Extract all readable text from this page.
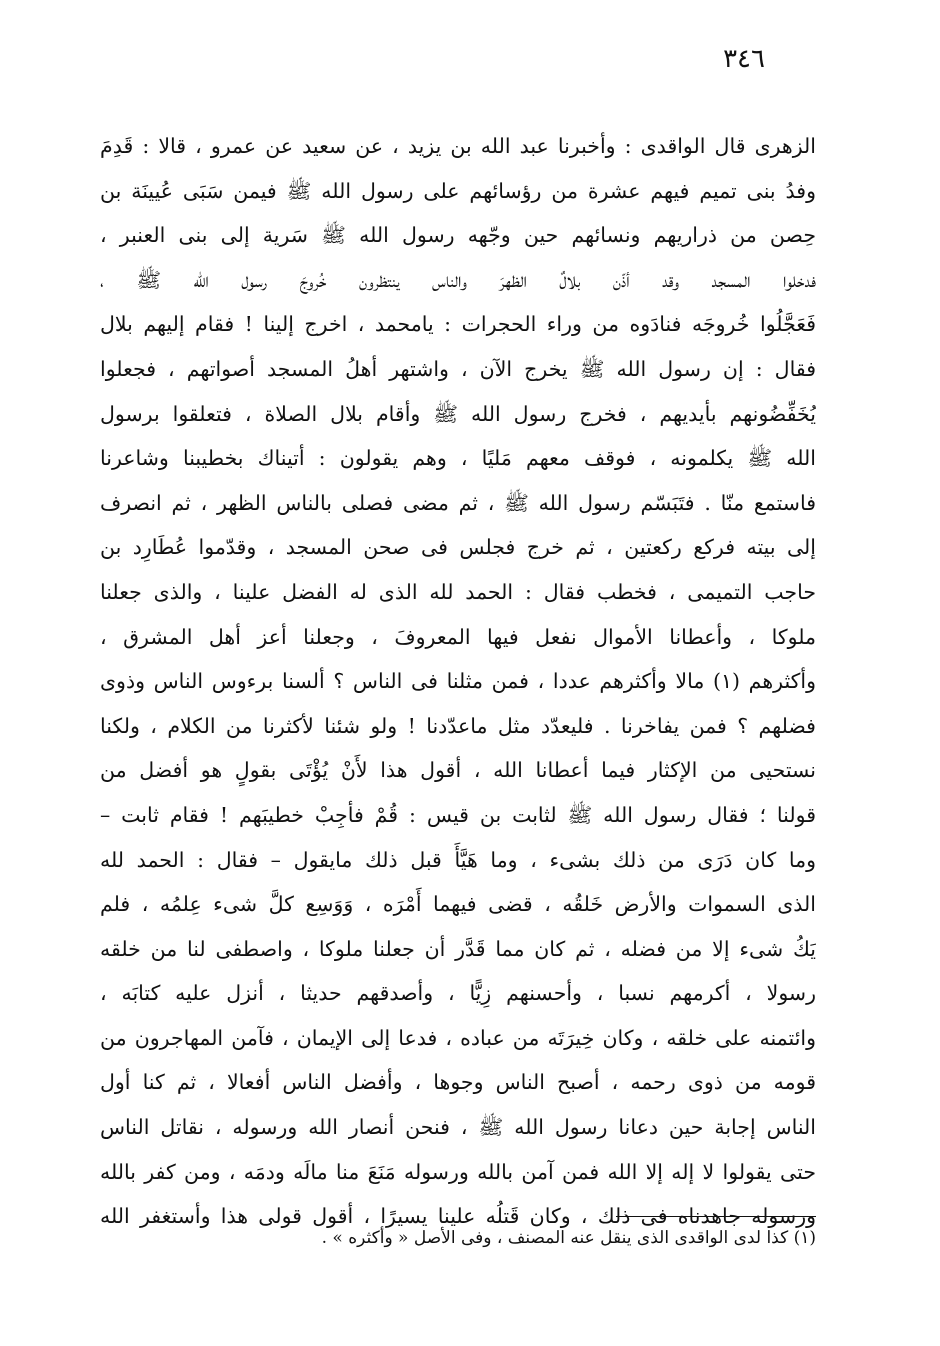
٣٤٦
الزهرى قال الواقدى : وأخبرنا عبد الله بن يزيد ، عن سعيد عن عمرو ، قالا : قَدِمَ
وفدُ بنى تميم فيهم عشرة من رؤسائهم على رسول الله ﷺ فيمن سَبَى عُيينَة بن
حِصن من ذراريهم ونسائهم حين وجّهه رسول الله ﷺ سَرية إلى بنى العنبر ،
فدخلوا المسجد وقد أذّن بلالٌ الظهرَ والناس ينتظرون خُروجَ رسول الله ﷺ ،
فَعَجَّلُوا خُروجَه فنادَوه من وراء الحجرات : يامحمد ، اخرج إلينا ! فقام إليهم بلال
فقال : إن رسول الله ﷺ يخرج الآن ، واشتهر أهلُ المسجد أصواتهم ، فجعلوا
يُخَفِّضُونهم بأيديهم ، فخرج رسول الله ﷺ وأقام بلال الصلاة ، فتعلقوا برسول
الله ﷺ يكلمونه ، فوقف معهم مَليًا ، وهم يقولون : أتيناك بخطيبنا وشاعرنا
فاستمع منّا . فتَبَسّم رسول الله ﷺ ، ثم مضى فصلى بالناس الظهر ، ثم انصرف
إلى بيته فركع ركعتين ، ثم خرج فجلس فى صحن المسجد ، وقدّموا عُطَارِد بن
حاجب التميمى ، فخطب فقال : الحمد لله الذى له الفضل علينا ، والذى جعلنا
ملوكا ، وأعطانا الأموال نفعل فيها المعروفَ ، وجعلنا أعز أهل المشرق ،
وأكثرهم (١) مالا وأكثرهم عددا ، فمن مثلنا فى الناس ؟ ألسنا برءوس الناس وذوى
فضلهم ؟ فمن يفاخرنا . فليعدّد مثل ماعدّدنا ! ولو شئنا لأكثرنا من الكلام ، ولكنا
نستحيى من الإكثار فيما أعطانا الله ، أقول هذا لأَنْ يُؤْتَى بقولٍ هو أفضل من
قولنا ؛ فقال رسول الله ﷺ لثابت بن قيس : قُمْ فأجِبْ خطيبَهم ! فقام ثابت –
وما كان دَرَى من ذلك بشىء ، وما هَيَّأَ قبل ذلك مايقول – فقال : الحمد لله
الذى السموات والأرض خَلقُه ، قضى فيهما أَمْرَه ، وَوَسِع كلَّ شىء عِلمُه ، فلم
يَكُ شىء إلا من فضله ، ثم كان مما قَدَّر أن جعلنا ملوكا ، واصطفى لنا من خلقه
رسولا ، أكرمهم نسبا ، وأحسنهم زِيًّا ، وأصدقهم حديثا ، أنزل عليه كتابَه ،
وائتمنه على خلقه ، وكان خِيرَتَه من عباده ، فدعا إلى الإيمان ، فآمن المهاجرون من
قومه من ذوى رحمه ، أصبح الناس وجوها ، وأفضل الناس أفعالا ، ثم كنا أول
الناس إجابة حين دعانا رسول الله ﷺ ، فنحن أنصار الله ورسوله ، نقاتل الناس
حتى يقولوا لا إله إلا الله فمن آمن بالله ورسوله مَنَعَ منا مالَه ودمَه ، ومن كفر بالله
ورسوله جاهدناه فى ذلك ، وكان قَتلُه علينا يسيرًا ، أقول قولى هذا وأستغفر الله
(١) كذا لدى الواقدى الذى ينقل عنه المصنف ، وفى الأصل « وأكثره » .
